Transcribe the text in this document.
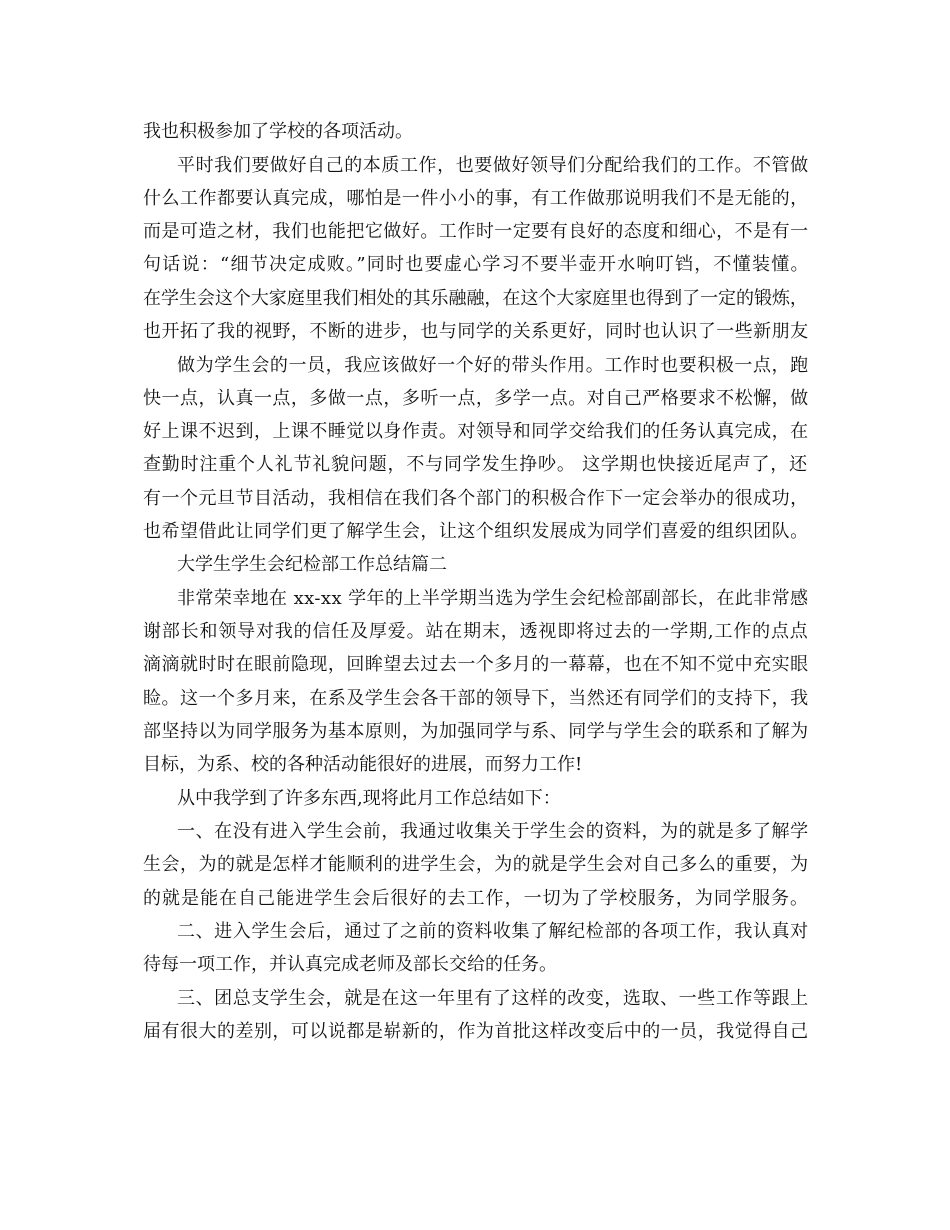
我也积极参加了学校的各项活动。
平时我们要做好自己的本质工作，也要做好领导们分配给我们的工作。不管做
什么工作都要认真完成，哪怕是一件小小的事，有工作做那说明我们不是无能的，
而是可造之材，我们也能把它做好。工作时一定要有良好的态度和细心，不是有一
句话说：“细节决定成败。”同时也要虚心学习不要半壶开水响叮铛，不懂装懂。
在学生会这个大家庭里我们相处的其乐融融，在这个大家庭里也得到了一定的锻炼，
也开拓了我的视野，不断的进步，也与同学的关系更好，同时也认识了一些新朋友
做为学生会的一员，我应该做好一个好的带头作用。工作时也要积极一点，跑
快一点，认真一点，多做一点，多听一点，多学一点。对自己严格要求不松懈，做
好上课不迟到，上课不睡觉以身作责。对领导和同学交给我们的任务认真完成，在
查勤时注重个人礼节礼貌问题，不与同学发生挣吵。 这学期也快接近尾声了，还
有一个元旦节目活动，我相信在我们各个部门的积极合作下一定会举办的很成功，
也希望借此让同学们更了解学生会，让这个组织发展成为同学们喜爱的组织团队。
大学生学生会纪检部工作总结篇二
非常荣幸地在 xx-xx 学年的上半学期当选为学生会纪检部副部长，在此非常感
谢部长和领导对我的信任及厚爱。站在期末，透视即将过去的一学期,工作的点点
滴滴就时时在眼前隐现，回眸望去过去一个多月的一幕幕，也在不知不觉中充实眼
睑。这一个多月来，在系及学生会各干部的领导下，当然还有同学们的支持下，我
部坚持以为同学服务为基本原则，为加强同学与系、同学与学生会的联系和了解为
目标，为系、校的各种活动能很好的进展，而努力工作!
从中我学到了许多东西,现将此月工作总结如下：
一、在没有进入学生会前，我通过收集关于学生会的资料，为的就是多了解学
生会，为的就是怎样才能顺利的进学生会，为的就是学生会对自己多么的重要，为
的就是能在自己能进学生会后很好的去工作，一切为了学校服务，为同学服务。
二、进入学生会后，通过了之前的资料收集了解纪检部的各项工作，我认真对
待每一项工作，并认真完成老师及部长交给的任务。
三、团总支学生会，就是在这一年里有了这样的改变，选取、一些工作等跟上
届有很大的差别，可以说都是崭新的，作为首批这样改变后中的一员，我觉得自己
